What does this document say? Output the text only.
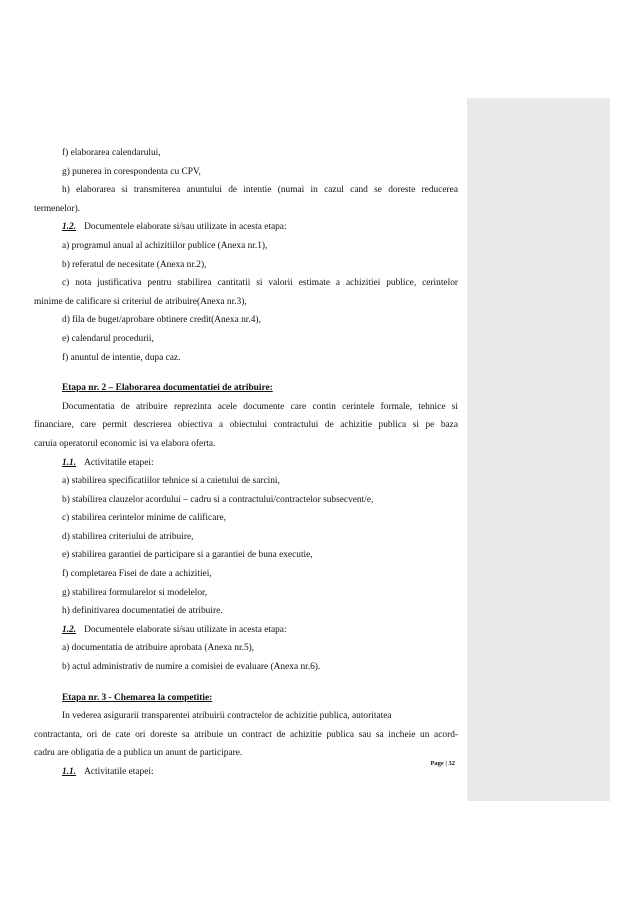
f) elaborarea calendarului,
g) punerea in corespondenta cu CPV,
h) elaborarea si transmiterea anuntului de intentie (numai in cazul cand se doreste reducerea
termenelor).
1.2. Documentele elaborate si/sau utilizate in acesta etapa:
a) programul anual al achizitiilor publice (Anexa nr.1),
b) referatul de necesitate (Anexa nr.2),
c) nota justificativa pentru stabilirea cantitatii si valorii estimate a achizitiei publice, cerintelor
minime de calificare si criteriul de atribuire(Anexa nr.3),
d) fila de buget/aprobare obtinere credit(Anexa nr.4),
e) calendarul procedurii,
f) anuntul de intentie, dupa caz.
Etapa nr. 2 – Elaborarea documentatiei de atribuire:
Documentatia de atribuire reprezinta acele documente care contin cerintele formale, tehnice si
financiare, care permit descrierea obiectiva a obiectului contractului de achizitie publica si pe baza
caruia operatorul economic isi va elabora oferta.
1.1. Activitatile etapei:
a) stabilirea specificatiilor tehnice si a caietului de sarcini,
b) stabilirea clauzelor acordului – cadru si a contractului/contractelor subsecvent/e,
c) stabilirea cerintelor minime de calificare,
d) stabilirea criteriului de atribuire,
e) stabilirea garantiei de participare si a garantiei de buna executie,
f) completarea Fisei de date a achizitiei,
g) stabilirea formularelor si modelelor,
h) definitivarea documentatiei de atribuire.
1.2. Documentele elaborate si/sau utilizate in acesta etapa:
a) documentatia de atribuire aprobata (Anexa nr.5),
b) actul administrativ de numire a comisiei de evaluare (Anexa nr.6).
Etapa nr. 3 - Chemarea la competitie:
In vederea asigurarii transparentei atribuirii contractelor de achizitie publica, autoritatea
contractanta, ori de cate ori doreste sa atribuie un contract de achizitie publica sau sa incheie un acord-
cadru are obligatia de a publica un anunt de participare.
1.1. Activitatile etapei:
Page | 32
